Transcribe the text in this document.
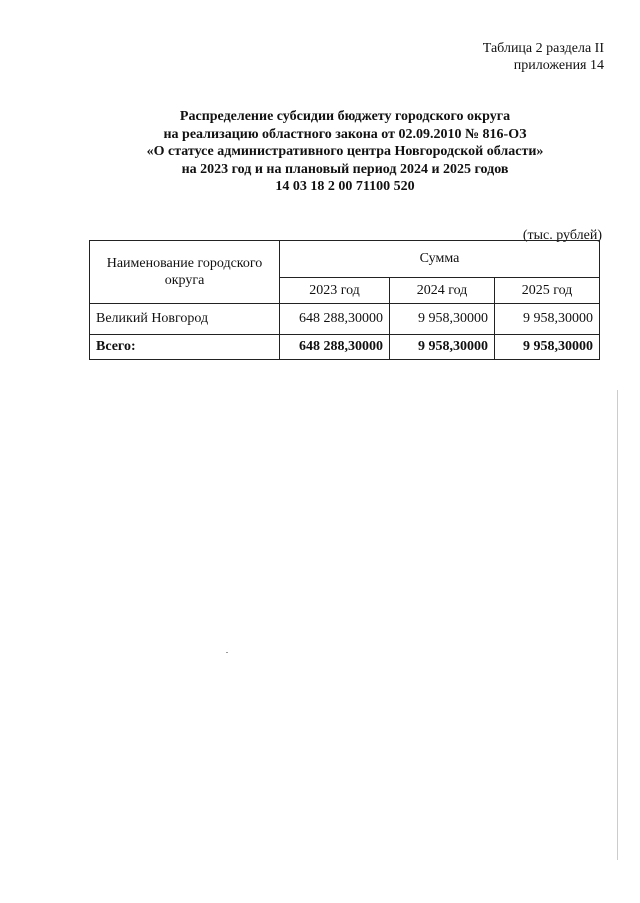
Таблица 2 раздела II
приложения 14
Распределение субсидии бюджету городского округа
на реализацию областного закона от 02.09.2010 № 816-ОЗ
«О статусе административного центра Новгородской области»
на 2023 год и на плановый период 2024 и 2025 годов
14 03 18 2 00 71100 520
(тыс. рублей)
Наименование городского округа	Сумма		
	2023 год	2024 год	2025 год
Великий Новгород	648 288,30000	9 958,30000	9 958,30000
Всего:	648 288,30000	9 958,30000	9 958,30000
